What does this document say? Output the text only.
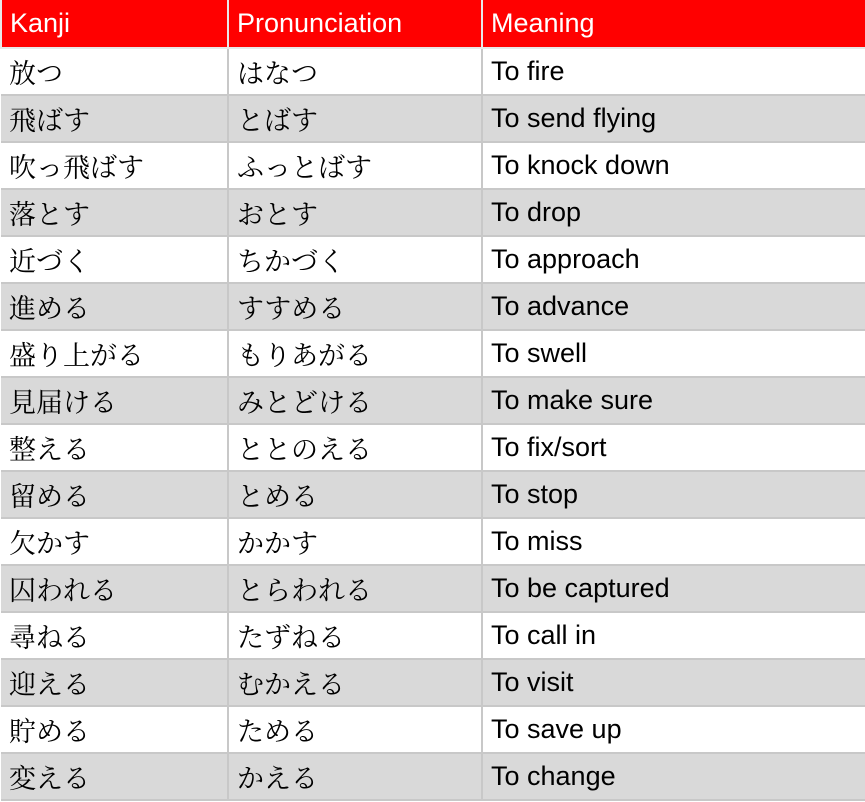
Kanji	Pronunciation	Meaning
放つ	はなつ	To fire
飛ばす	とばす	To send flying
吹っ飛ばす	ふっとばす	To knock down
落とす	おとす	To drop
近づく	ちかづく	To approach
進める	すすめる	To advance
盛り上がる	もりあがる	To swell
見届ける	みとどける	To make sure
整える	ととのえる	To fix/sort
留める	とめる	To stop
欠かす	かかす	To miss
囚われる	とらわれる	To be captured
尋ねる	たずねる	To call in
迎える	むかえる	To visit
貯める	ためる	To save up
変える	かえる	To change
